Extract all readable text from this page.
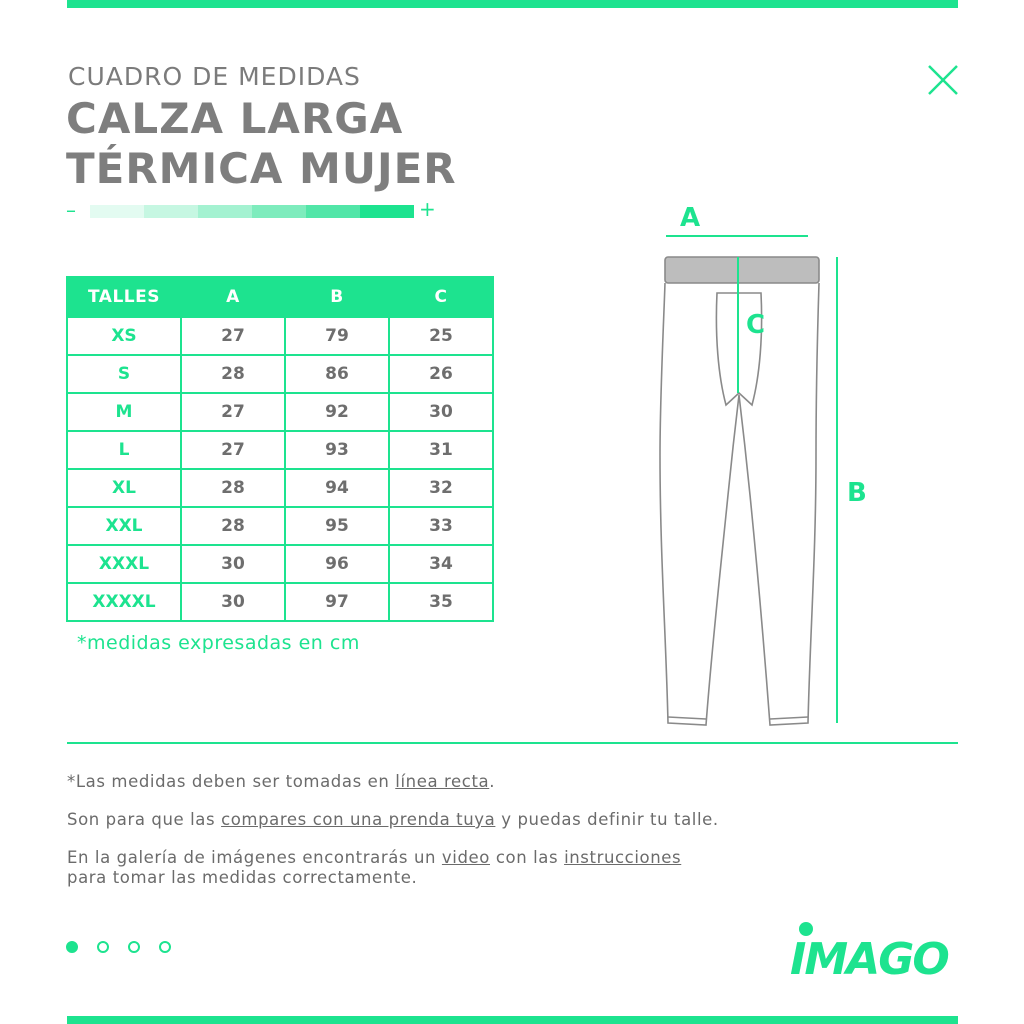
CUADRO DE MEDIDAS
CALZA LARGA
TÉRMICA MUJER
–	+
TALLES	A	B	C
XS	27	79	25
S	28	86	26
M	27	92	30
L	27	93	31
XL	28	94	32
XXL	28	95	33
XXXL	30	96	34
XXXXL	30	97	35
*medidas expresadas en cm
A
C
B
*Las medidas deben ser tomadas en línea recta.
Son para que las compares con una prenda tuya y puedas definir tu talle.
En la galería de imágenes encontrarás un video con las instrucciones
para tomar las medidas correctamente.
IMAGO
